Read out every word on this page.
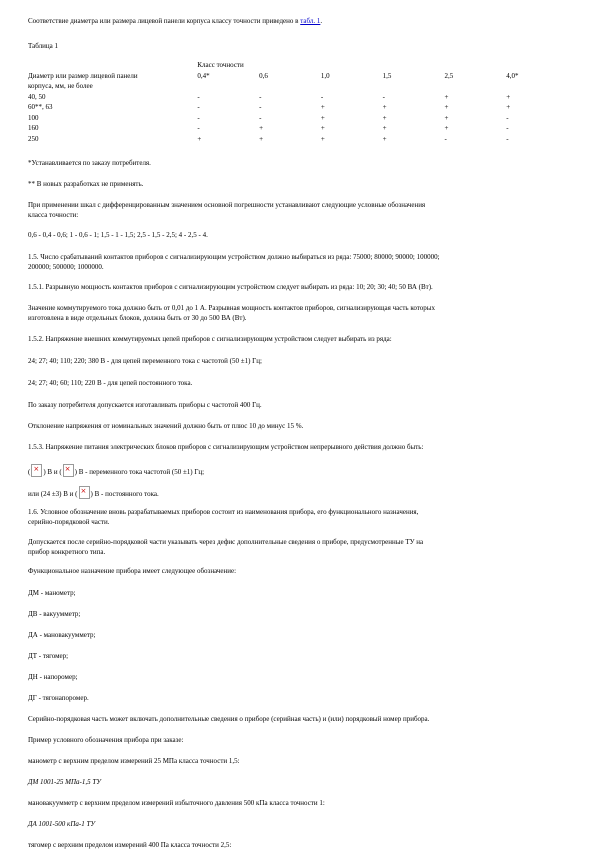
Соответствие диаметра или размера лицевой панели корпуса классу точности приведено в табл. 1.

Таблица 1

	Класс точности					
Диаметр или размер лицевой панели	0,4*	0,6	1,0	1,5	2,5	4,0*
корпуса, мм, не более						
40, 50	-	-	-	-	+	+
60**, 63	-	-	+	+	+	+
100	-	-	+	+	+	-
160	-	+	+	+	+	-
250	+	+	+	+	-	-

*Устанавливается по заказу потребителя.

** В новых разработках не применять.

При применении шкал с дифференцированным значением основной погрешности устанавливают следующие условные обозначения

класса точности:

0,6 - 0,4 - 0,6; 1 - 0,6 - 1; 1,5 - 1 - 1,5; 2,5 - 1,5 - 2,5; 4 - 2,5 - 4.

1.5. Число срабатываний контактов приборов с сигнализирующим устройством должно выбираться из ряда: 75000; 80000; 90000; 100000;

200000; 500000; 1000000.

1.5.1. Разрывную мощность контактов приборов с сигнализирующим устройством следует выбирать из ряда: 10; 20; 30; 40; 50 ВА (Вт).

Значение коммутируемого тока должно быть от 0,01 до 1 А. Разрывная мощность контактов приборов, сигнализирующая часть которых

изготовлена в виде отдельных блоков, должна быть от 30 до 500 ВА (Вт).

1.5.2. Напряжение внешних коммутируемых цепей приборов с сигнализирующим устройством следует выбирать из ряда:

24; 27; 40; 110; 220; 380 В - для цепей переменного тока с частотой (50 ±1) Гц;

24; 27; 40; 60; 110; 220 В - для цепей постоянного тока.

По заказу потребителя допускается изготавливать приборы с частотой 400 Гц.

Отклонение напряжения от номинальных значений должно быть от плюс 10 до минус 15 %.

1.5.3. Напряжение питания электрических блоков приборов с сигнализирующим устройством непрерывного действия должно быть:

( × ) В и ( × ) В - переменного тока частотой (50 ±1) Гц;

или (24 ±3) В и ( × ) В - постоянного тока.

1.6. Условное обозначение вновь разрабатываемых приборов состоит из наименования прибора, его функционального назначения,

серийно-порядковой части.

Допускается после серийно-порядковой части указывать через дефис дополнительные сведения о приборе, предусмотренные ТУ на

прибор конкретного типа.

Функциональное назначение прибора имеет следующее обозначение:

ДМ - манометр;

ДВ - вакуумметр;

ДА - мановакуумметр;

ДТ - тягомер;

ДН - напоромер;

ДГ - тягонапоромер.

Серийно-порядковая часть может включать дополнительные сведения о приборе (серийная часть) и (или) порядковый номер прибора.

Пример условного обозначения прибора при заказе:

манометр с верхним пределом измерений 25 МПа класса точности 1,5:

ДМ 1001-25 МПа-1,5 ТУ

мановакуумметр с верхним пределом измерений избыточного давления 500 кПа класса точности 1:

ДА 1001-500 кПа-1 ТУ

тягомер с верхним пределом измерений 400 Па класса точности 2,5:
